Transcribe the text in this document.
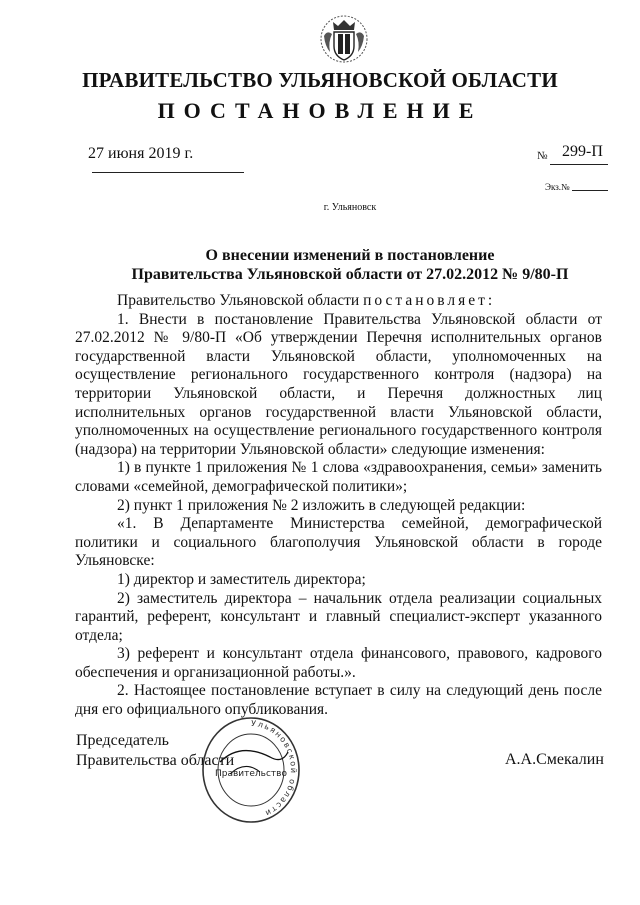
ПРАВИТЕЛЬСТВО УЛЬЯНОВСКОЙ ОБЛАСТИ
ПОСТАНОВЛЕНИЕ
27 июня 2019 г.	№ 299-П
Экз.№
г. Ульяновск
О внесении изменений в постановление
Правительства Ульяновской области от 27.02.2012 № 9/80-П

Правительство Ульяновской области постановляет:

1. Внести в постановление Правительства Ульяновской области от 27.02.2012 № 9/80-П «Об утверждении Перечня исполнительных органов государственной власти Ульяновской области, уполномоченных на осуществление регионального государственного контроля (надзора) на территории Ульяновской области, и Перечня должностных лиц исполнительных органов государственной власти Ульяновской области, уполномоченных на осуществление регионального государственного контроля (надзора) на территории Ульяновской области» следующие изменения:

1) в пункте 1 приложения № 1 слова «здравоохранения, семьи» заменить словами «семейной, демографической политики»;

2) пункт 1 приложения № 2 изложить в следующей редакции:

«1. В Департаменте Министерства семейной, демографической политики и социального благополучия Ульяновской области в городе Ульяновске:

1) директор и заместитель директора;

2) заместитель директора – начальник отдела реализации социальных гарантий, референт, консультант и главный специалист-эксперт указанного отдела;

3) референт и консультант отдела финансового, правового, кадрового обеспечения и организационной работы.».

2. Настоящее постановление вступает в силу на следующий день после дня его официального опубликования.

Председатель
Правительства области	А.А.Смекалин
Ульяновской области
Правительство
